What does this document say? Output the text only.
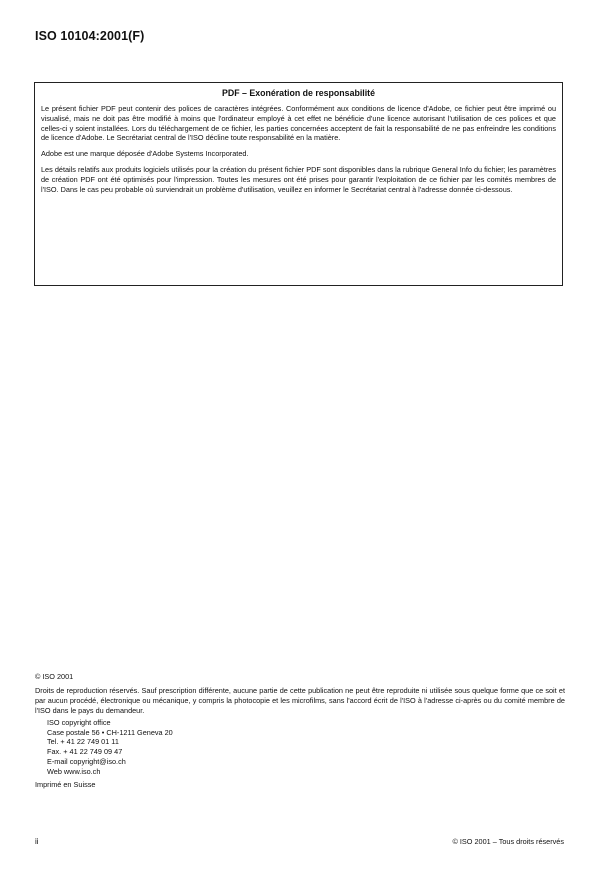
ISO 10104:2001(F)

PDF – Exonération de responsabilité

Le présent fichier PDF peut contenir des polices de caractères intégrées. Conformément aux conditions de licence d'Adobe, ce fichier peut être imprimé ou visualisé, mais ne doit pas être modifié à moins que l'ordinateur employé à cet effet ne bénéficie d'une licence autorisant l'utilisation de ces polices et que celles-ci y soient installées. Lors du téléchargement de ce fichier, les parties concernées acceptent de fait la responsabilité de ne pas enfreindre les conditions de licence d'Adobe. Le Secrétariat central de l'ISO décline toute responsabilité en la matière.

Adobe est une marque déposée d'Adobe Systems Incorporated.

Les détails relatifs aux produits logiciels utilisés pour la création du présent fichier PDF sont disponibles dans la rubrique General Info du fichier; les paramètres de création PDF ont été optimisés pour l'impression. Toutes les mesures ont été prises pour garantir l'exploitation de ce fichier par les comités membres de l'ISO. Dans le cas peu probable où surviendrait un problème d'utilisation, veuillez en informer le Secrétariat central à l'adresse donnée ci-dessous.

© ISO 2001

Droits de reproduction réservés. Sauf prescription différente, aucune partie de cette publication ne peut être reproduite ni utilisée sous quelque forme que ce soit et par aucun procédé, électronique ou mécanique, y compris la photocopie et les microfilms, sans l'accord écrit de l'ISO à l'adresse ci-après ou du comité membre de l'ISO dans le pays du demandeur.

ISO copyright office
Case postale 56 • CH-1211 Geneva 20
Tel. + 41 22 749 01 11
Fax. + 41 22 749 09 47
E-mail copyright@iso.ch
Web www.iso.ch

Imprimé en Suisse

ii	© ISO 2001 – Tous droits réservés
